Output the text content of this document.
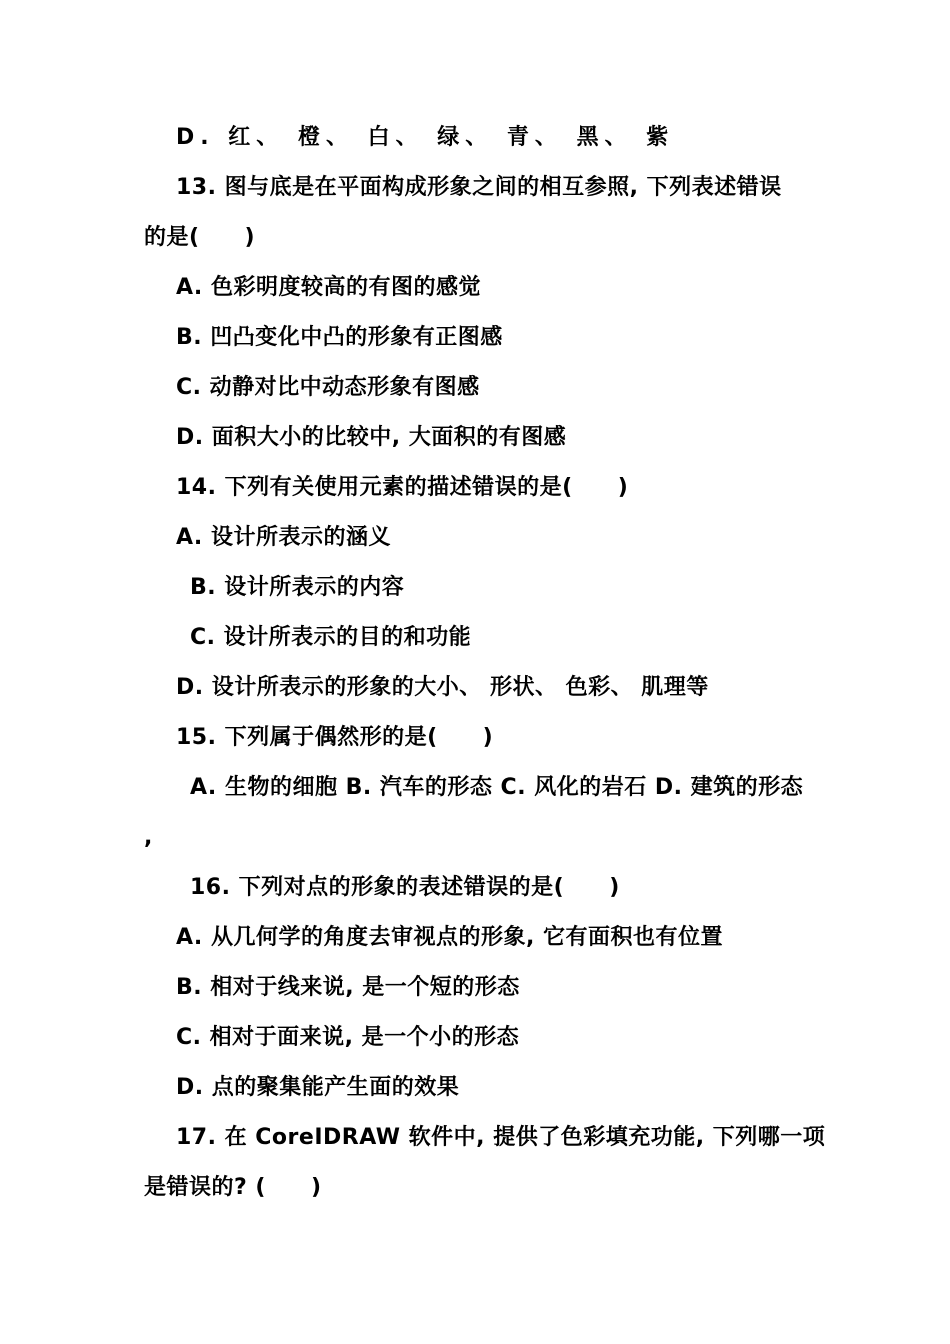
D. 红、 橙、 白、 绿、 青、 黑、 紫
13. 图与底是在平面构成形象之间的相互参照, 下列表述错误
的是(　　)
A. 色彩明度较高的有图的感觉
B. 凹凸变化中凸的形象有正图感
C. 动静对比中动态形象有图感
D. 面积大小的比较中, 大面积的有图感
14. 下列有关使用元素的描述错误的是(　　)
A. 设计所表示的涵义
B. 设计所表示的内容
C. 设计所表示的目的和功能
D. 设计所表示的形象的大小、 形状、 色彩、 肌理等
15. 下列属于偶然形的是(　　)
A. 生物的细胞 B. 汽车的形态 C. 风化的岩石 D. 建筑的形态
,
16. 下列对点的形象的表述错误的是(　　)
A. 从几何学的角度去审视点的形象, 它有面积也有位置
B. 相对于线来说, 是一个短的形态
C. 相对于面来说, 是一个小的形态
D. 点的聚集能产生面的效果
17. 在 CoreIDRAW 软件中, 提供了色彩填充功能, 下列哪一项
是错误的? (　　)
